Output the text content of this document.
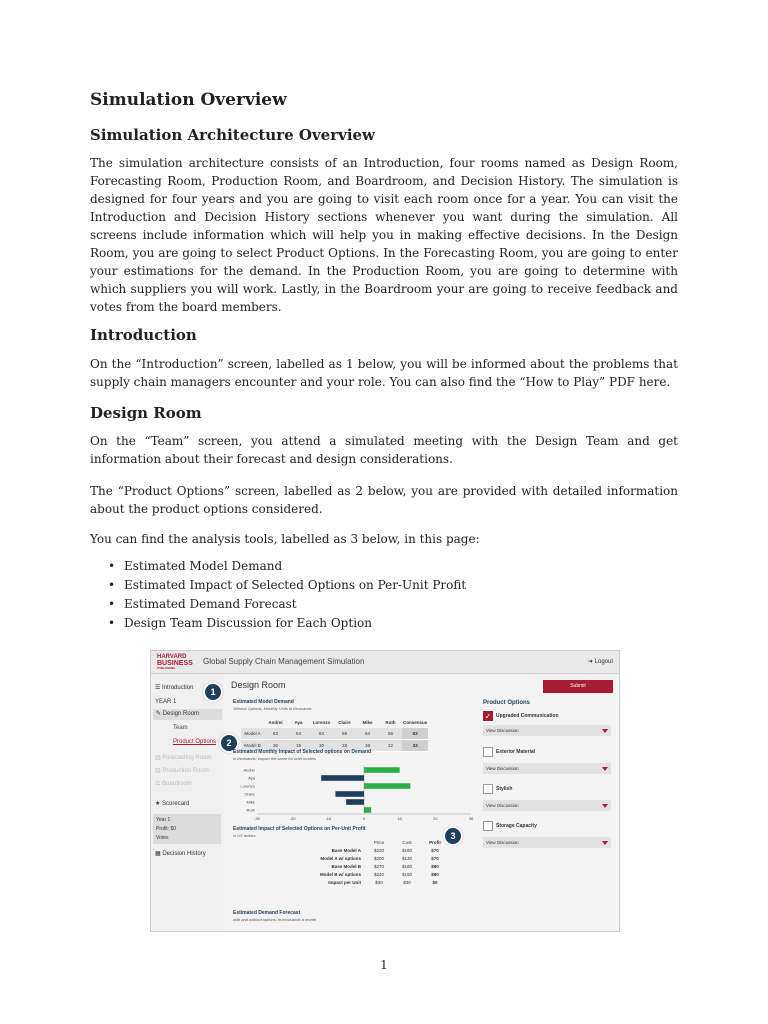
Simulation Overview
Simulation Architecture Overview

The simulation architecture consists of an Introduction, four rooms named as Design Room, Forecasting Room, Production Room, and Boardroom, and Decision History. The simulation is designed for four years and you are going to visit each room once for a year. You can visit the Introduction and Decision History sections whenever you want during the simulation. All screens include information which will help you in making effective decisions. In the Design Room, you are going to select Product Options. In the Forecasting Room, you are going to enter your estimations for the demand. In the Production Room, you are going to determine with which suppliers you will work. Lastly, in the Boardroom your are going to receive feedback and votes from the board members.

Introduction

On the “Introduction” screen, labelled as 1 below, you will be informed about the problems that supply chain managers encounter and your role. You can also find the “How to Play” PDF here.

Design Room

On the “Team” screen, you attend a simulated meeting with the Design Team and get information about their forecast and design considerations.

The “Product Options” screen, labelled as 2 below, you are provided with detailed information about the product options considered.

You can find the analysis tools, labelled as 3 below, in this page:

• Estimated Model Demand
• Estimated Impact of Selected Options on Per-Unit Profit
• Estimated Demand Forecast
• Design Team Discussion for Each Option
HARVARD
BUSINESS
PUBLISHING
Global Supply Chain Management Simulation	➜ Logout
☰ Introduction
YEAR 1
✎ Design Room
Team
Product Options
▥ Forecasting Room
▥ Production Room
⚖ Boardroom
★ Scorecard
Year 1
Profit: $0
Votes
▦ Decision History
1
2
3
Design Room
Estimated Model Demand
Without Options; Monthly Units in thousands
	Andrei	Aya	Lorenzo	Claire	Mike	Ruth	Consensus
Model A	63	54	64	59	64	56	63
Model B	36	19	30	28	38	22	33
Estimated Monthly Impact of Selected options on Demand
in thousands; impact the same for both models
Andrei
Aya
Lorenzo
Claire
Mike
Ruth
-30	-20	-10	0	10	20	30
Estimated Impact of Selected Options on Per-Unit Profit
in US dollars
	Price	Cost	Profit
Base Model A	$220	$160	$70
Model A w/ options	$200	$130	$70
Base Model B	$270	$180	$90
Model B w/ options	$240	$150	$90
Impact per Unit	$30	$30	$0
Estimated Demand Forecast
with and without options, in thousands a month
Submit
Product Options
✓ Upgraded Communication
View Discussion
Exterior Material
View Discussion
Stylish
View Discussion
Storage Capacity
View Discussion
1
